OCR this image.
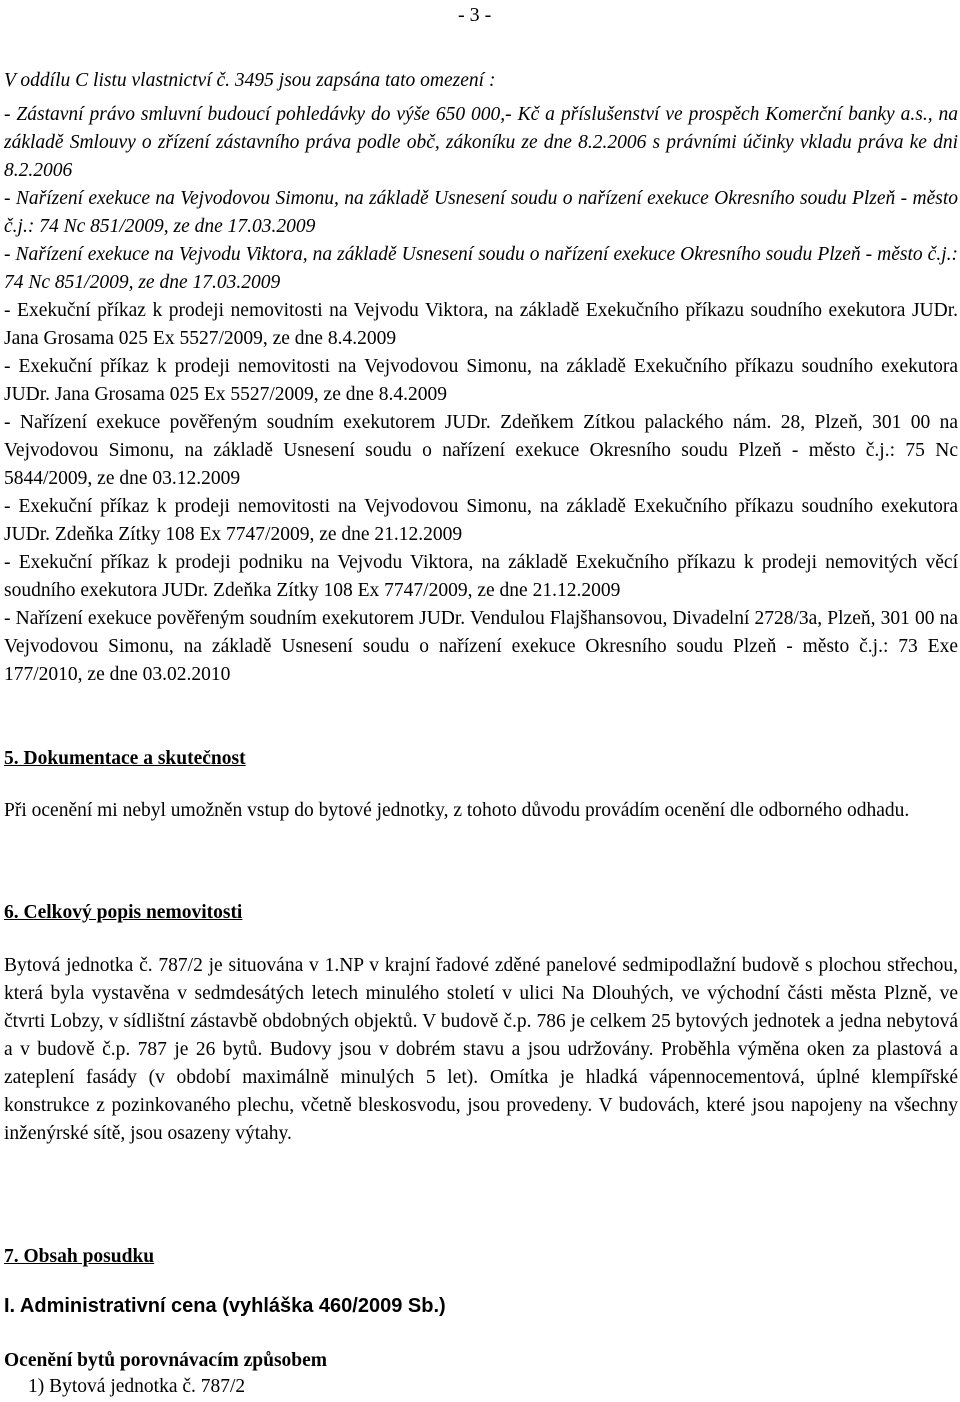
- 3 -
V oddílu C listu vlastnictví č. 3495 jsou zapsána tato omezení :

- Zástavní právo smluvní budoucí pohledávky do výše 650 000,- Kč a příslušenství ve prospěch Komerční banky a.s., na základě Smlouvy o zřízení zástavního práva podle obč, zákoníku ze dne 8.2.2006 s právními účinky vkladu práva ke dni 8.2.2006

- Nařízení exekuce na Vejvodovou Simonu, na základě Usnesení soudu o nařízení exekuce Okresního soudu Plzeň - město č.j.: 74 Nc 851/2009, ze dne 17.03.2009

- Nařízení exekuce na Vejvodu Viktora, na základě Usnesení soudu o nařízení exekuce Okresního soudu Plzeň - město č.j.: 74 Nc 851/2009, ze dne 17.03.2009

- Exekuční příkaz k prodeji nemovitosti na Vejvodu Viktora, na základě Exekučního příkazu soudního exekutora JUDr. Jana Grosama 025 Ex 5527/2009, ze dne 8.4.2009

- Exekuční příkaz k prodeji nemovitosti na Vejvodovou Simonu, na základě Exekučního příkazu soudního exekutora JUDr. Jana Grosama 025 Ex 5527/2009, ze dne 8.4.2009

- Nařízení exekuce pověřeným soudním exekutorem JUDr. Zdeňkem Zítkou palackého nám. 28, Plzeň, 301 00 na Vejvodovou Simonu, na základě Usnesení soudu o nařízení exekuce Okresního soudu Plzeň - město č.j.: 75 Nc 5844/2009, ze dne 03.12.2009

- Exekuční příkaz k prodeji nemovitosti na Vejvodovou Simonu, na základě Exekučního příkazu soudního exekutora JUDr. Zdeňka Zítky 108 Ex 7747/2009, ze dne 21.12.2009

- Exekuční příkaz k prodeji podniku na Vejvodu Viktora, na základě Exekučního příkazu k prodeji nemovitých věcí soudního exekutora JUDr. Zdeňka Zítky 108 Ex 7747/2009, ze dne 21.12.2009

- Nařízení exekuce pověřeným soudním exekutorem JUDr. Vendulou Flajšhansovou, Divadelní 2728/3a, Plzeň, 301 00 na Vejvodovou Simonu, na základě Usnesení soudu o nařízení exekuce Okresního soudu Plzeň - město č.j.: 73 Exe 177/2010, ze dne 03.02.2010

5. Dokumentace a skutečnost
Při ocenění mi nebyl umožněn vstup do bytové jednotky, z tohoto důvodu provádím ocenění dle odborného odhadu.
6. Celkový popis nemovitosti
Bytová jednotka č. 787/2 je situována v 1.NP v krajní řadové zděné panelové sedmipodlažní budově s plochou střechou, která byla vystavěna v sedmdesátých letech minulého století v ulici Na Dlouhých, ve východní části města Plzně, ve čtvrti Lobzy, v sídlištní zástavbě obdobných objektů. V budově č.p. 786 je celkem 25 bytových jednotek a jedna nebytová a v budově č.p. 787 je 26 bytů. Budovy jsou v dobrém stavu a jsou udržovány. Proběhla výměna oken za plastová a zateplení fasády (v období maximálně minulých 5 let). Omítka je hladká vápennocementová, úplné klempířské konstrukce z pozinkovaného plechu, včetně bleskosvodu, jsou provedeny. V budovách, které jsou napojeny na všechny inženýrské sítě, jsou osazeny výtahy.
7. Obsah posudku
I. Administrativní cena (vyhláška 460/2009 Sb.)
Ocenění bytů porovnávacím způsobem
1) Bytová jednotka č. 787/2
